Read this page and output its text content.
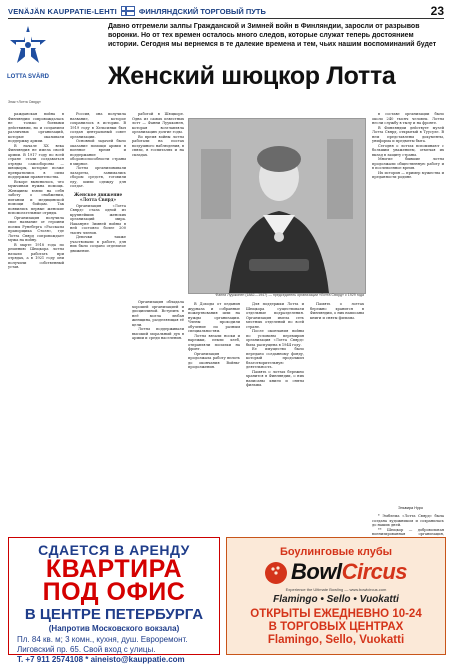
VENÄJÄN KAUPPATIE-LEHTI	ФИНЛЯНДСКИЙ ТОРГОВЫЙ ПУТЬ	23
LOTTA SVÄRD
Знак «Лотта Свярд»
Давно отгремели залпы Гражданской и Зимней войн в Финляндии, заросли от разрывов воронки. Но от тех времен осталось много следов, которые служат теперь достоянием истории. Сегодня мы вернемся в те далекие времена и тем, чьих нашим воспоминаний будет
Женский шюцкор Лотта

ражданская война в Финляндии сопровождалась не только боевыми действиями, но и созданием различных организаций, которые оказывали поддержку армии.

В начале XX века Финляндия не имела своей армии. В 1917 году по всей стране стали создаваться отряды самообороны — шюцкоры, которые позже превратились в силы поддержки правительства.

Вскоре выяснилось, что мужчинам нужна помощь. Женщины взяли на себя заботу о снабжении, питании и медицинской помощи бойцам. Так появились первые женские вспомогательные отряды.

Организация получила свое название от героини поэмы Рунеберга «Рассказы прапорщика Столя», где Лотта Свярд сопровождает мужа на войну.

В марте 1918 года по решению Шюцкора лотты начали работать при отрядах, а в 1921 году они получили собственный устав.

Россия, она получила название, которое сохранилось в истории. В 1919 году в Хельсинки был создан центральный совет организации.

Основной задачей было оказание помощи армии в военное время и поддержание обороноспособности страны в мирное.

Лотты организовывали лазареты, занимались сбором средств, готовили еду, шили одежду для солдат.

Женское движение «Лотта Свярд»

Организация «Лотта Свярд» стала одной из крупнейших женских организаций мира. Накануне Зимней войны в ней состояло более 200 тысяч членов.

Девочки также участвовали в работе, для них было создано отдельное движение.

работой в Шюцкоре. Одна из самых известных лотт — Фанни Луукконен, которая возглавляла организацию долгие годы.

Во время войны лотты работали на постах воздушного наблюдения, в связи, в госпиталях и на складах.

Фанни Луукконен (1882—1947) — председатель организации «Лотта Свярд» с 1929 года

Организация обладала хорошей организацией и дисциплиной. Вступить в неё могла любая женщина, разделяющая её цели.

Лотты поддерживали высокий моральный дух в армии и среди населения.

В Доходы от издания журнала и собранные пожертвования шли на нужды организации. Члены проходили обучение по разным специальностям.

Лотты вязали носки и варежки, пекли хлеб, отправляли посылки на фронт.

Организация продолжала работу вплоть до окончания Войны-продолжения.

Для поддержки Лотта и Шюцкора существовали отдельные подразделения. Организация имела сеть местных отделений по всей стране.

После окончания войны по условиям перемирия организация «Лотта Свярд» была распущена в 1944 году.

Ее имущество было передано созданному фонду, который продолжил благотворительную деятельность.

Память о лоттах бережно хранится в Финляндии, о них написаны книги и сняты фильмы.

Память о лоттах бережно хранится в Финляндии, о них написаны книги и сняты фильмы.

в составе организации было около 240 тысяч человек. Лотты несли службу в тылу и на фронте.

В Финляндии действует музей Лотта Свярд, открытый в Туусуле. В нем представлены документы, униформа и предметы быта.

Сегодня о лоттах вспоминают с большим уважением, отмечая их вклад в защиту страны.

Многие бывшие лотты продолжали общественную работу и в послевоенное время.

Их история — пример мужества и преданности родине.

Эльвира Нуро

* Эмблема «Лотта Свярд» была создана художником и сохранилась до наших дней.

** Шюцкор — добровольная военизированная организация,

СДАЕТСЯ В АРЕНДУ
КВАРТИРА
ПОД ОФИС
В ЦЕНТРЕ ПЕТЕРБУРГА
(Напротив Московского вокзала)
Пл. 84 кв. м; 3 комн., кухня, душ. Евроремонт.
Лиговский пр. 65. Свой вход с улицы.
Т. +7 911 2574108 * aineisto@kauppatie.com
Боулинговые клубы
BowlCircus
Experience the Ultimate Bowling — www.bowlcircus.com
Flamingo • Sello • Vuokatti
ОТКРЫТЫ ЕЖЕДНЕВНО 10-24
В ТОРГОВЫХ ЦЕНТРАХ
Flamingo, Sello, Vuokatti
